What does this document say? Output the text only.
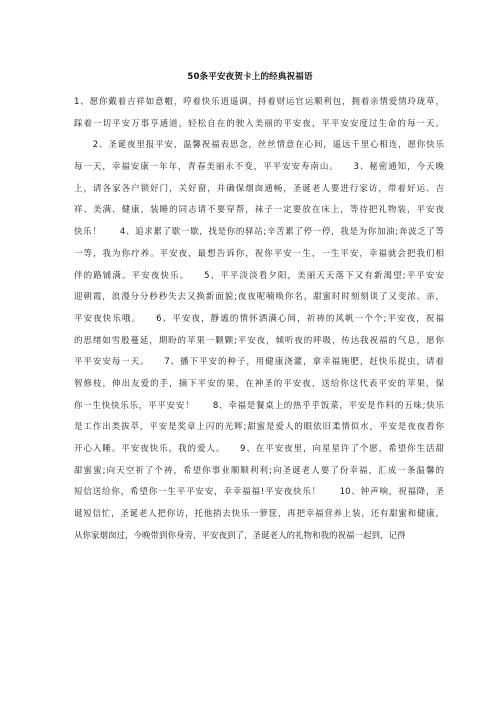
50条平安夜贺卡上的经典祝福语
1、愿你戴着吉祥如意帽，哼着快乐逍遥调，捋着财运官运顺利包，拥着亲情爱情玲珑草，
踩着一切平安万事亨通道，轻松自在的驶入美丽的平安夜，平平安安度过生命的每一天。
　　2、圣诞夜里报平安，温馨祝福表思念，丝丝情意在心间，遥远千里心相连，愿你快乐
每一天，幸福安康一年年，青春美丽永不变，平平安安寿南山。　　3、秘密通知，今天晚
上，请各家各户锁好门，关好窗，并确保烟囱通畅，圣诞老人要进行家访，带着好运、吉
祥、美满、健康，装睡的同志请不要穿帮，袜子一定要放在床上，等待把礼物装，平安夜
快乐！　　4、追求累了歇一歇，找是你的驿站;辛苦累了停一停，我是为你加油;奔波乏了等
一等，我为你疗养。平安夜，最想告诉你，祝你平安一生，一生平安，幸福就会把我们相
伴的路铺满。平安夜快乐。　　5、平平淡淡看夕阳，美丽天天落下又有新渴望;平平安安
迎朝霞，浪漫分分秒秒失去又换新面貌;夜夜呢喃唤你名，甜蜜时时刻刻谈了又变浓。亲，
平安夜快乐哦。　　6、平安夜，静谧的情怀洒满心间，祈祷的风帆一个个;平安夜，祝福
的思绪如雪般蔓延，期盼的苹果一颗颗;平安夜，倾听夜的呼吸，传达我祝福的气息，愿你
平平安安每一天。　　7、播下平安的种子，用健康浇灌，拿幸福施肥，赶快乐捉虫，请着
智修枝，伸出友爱的手，摘下平安的果，在神圣的平安夜，送给你这代表平安的苹果，保
你一生快快乐乐，平平安安！　　8、幸福是餐桌上的热乎乎饭菜，平安是作料的五味;快乐
是工作出类拔萃，平安是奖章上闪的光辉;甜蜜是爱人的眼依旧柔情似水，平安是夜夜看你
开心入睡。平安夜快乐，我的爱人。　　9、在平安夜里，向星星许了个愿，希望你生活甜
甜蜜蜜;向天空祈了个祷，希望你事业顺顺利利;向圣诞老人要了份幸福，汇成一条温馨的
短信送给你，希望你一生平平安安，幸幸福福!平安夜快乐！　　10、钟声响，祝福降，圣
诞短信忙，圣诞老人把你访，托他捎去快乐一箩筐，再把幸福营养上装，还有甜蜜和健康，
从你家烟囱过，今晚带到你身旁，平安夜到了，圣诞老人的礼物和我的祝福一起到，记得
